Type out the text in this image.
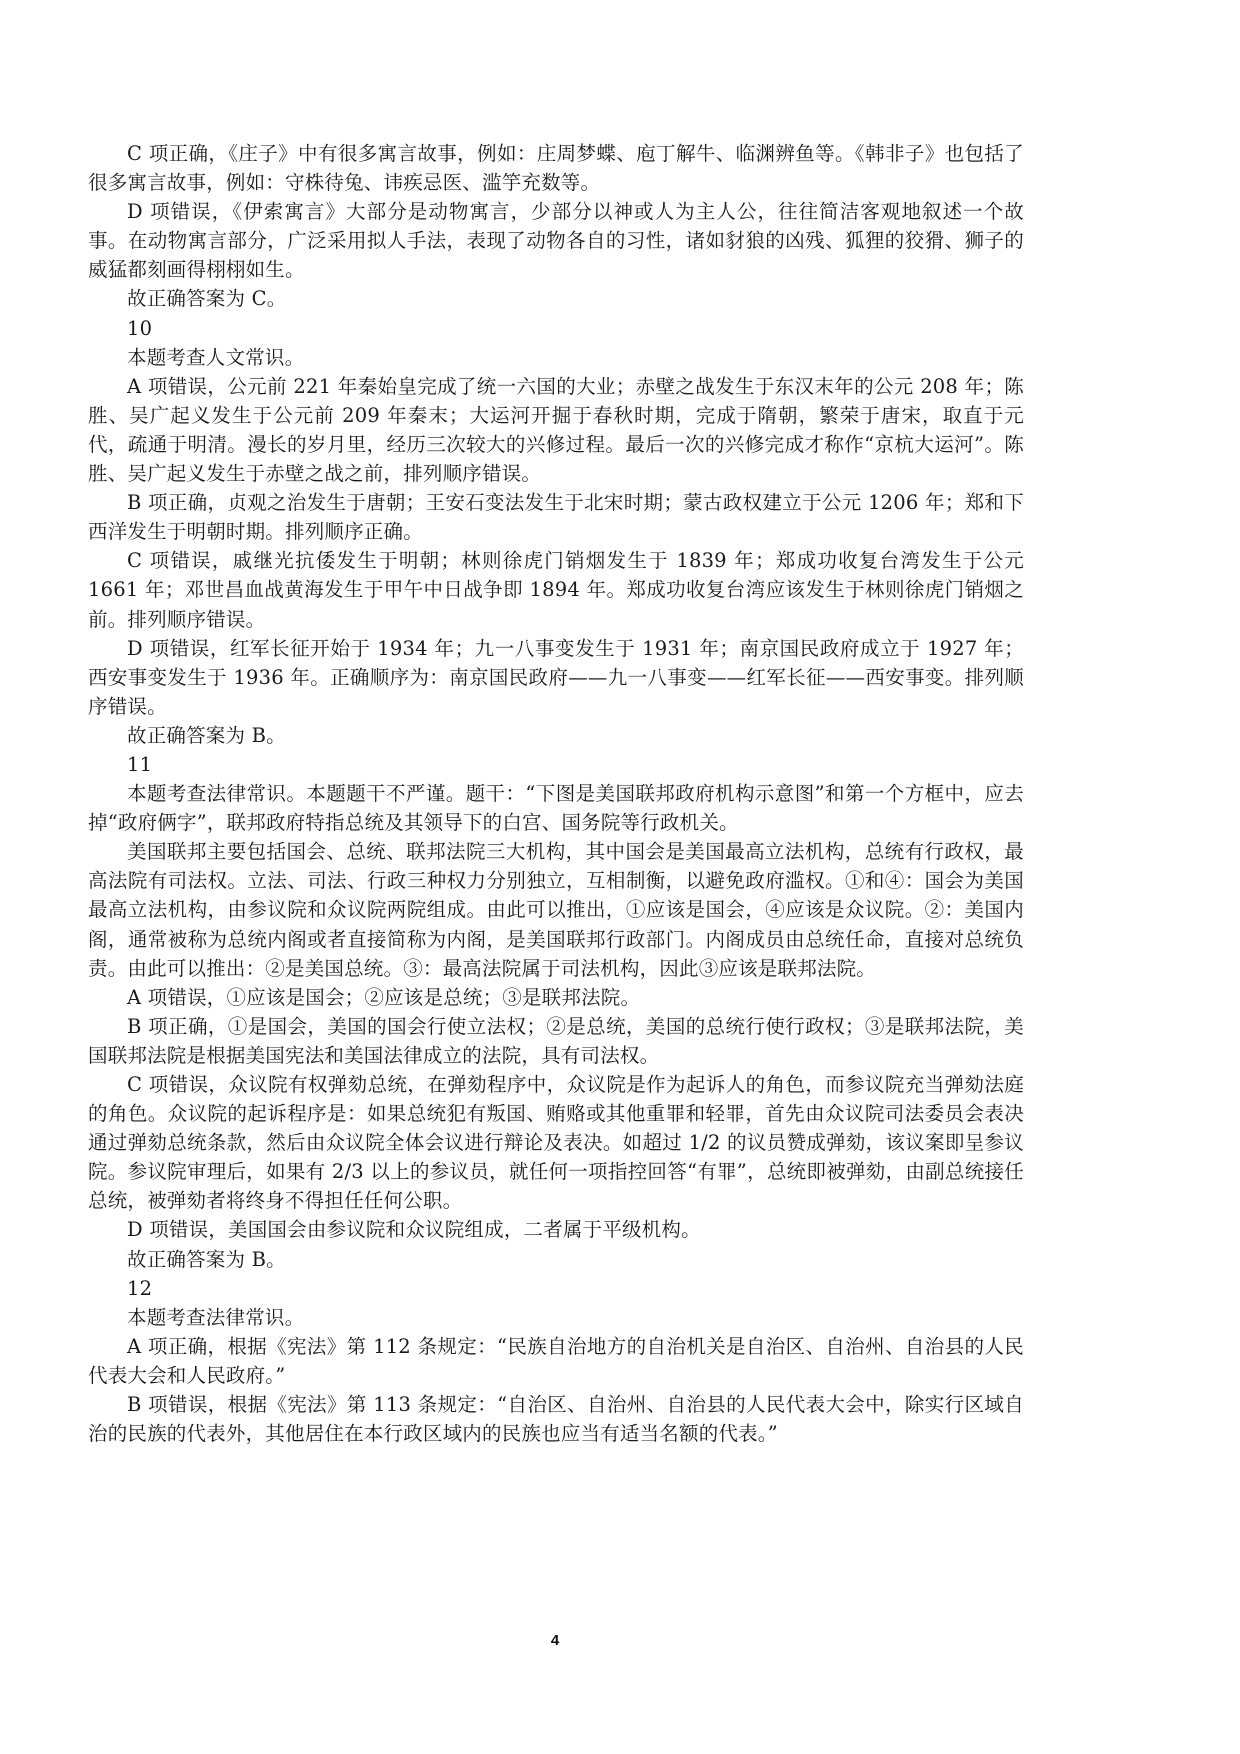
C 项正确，《庄子》中有很多寓言故事，例如：庄周梦蝶、庖丁解牛、临渊辨鱼等。《韩非子》也包括了很多寓言故事，例如：守株待兔、讳疾忌医、滥竽充数等。

D 项错误，《伊索寓言》大部分是动物寓言，少部分以神或人为主人公，往往简洁客观地叙述一个故事。在动物寓言部分，广泛采用拟人手法，表现了动物各自的习性，诸如豺狼的凶残、狐狸的狡猾、狮子的威猛都刻画得栩栩如生。

故正确答案为 C。

10

本题考查人文常识。

A 项错误，公元前 221 年秦始皇完成了统一六国的大业；赤壁之战发生于东汉末年的公元 208 年；陈胜、吴广起义发生于公元前 209 年秦末；大运河开掘于春秋时期，完成于隋朝，繁荣于唐宋，取直于元代，疏通于明清。漫长的岁月里，经历三次较大的兴修过程。最后一次的兴修完成才称作“京杭大运河”。陈胜、吴广起义发生于赤壁之战之前，排列顺序错误。

B 项正确，贞观之治发生于唐朝；王安石变法发生于北宋时期；蒙古政权建立于公元 1206 年；郑和下西洋发生于明朝时期。排列顺序正确。

C 项错误，戚继光抗倭发生于明朝；林则徐虎门销烟发生于 1839 年；郑成功收复台湾发生于公元 1661 年；邓世昌血战黄海发生于甲午中日战争即 1894 年。郑成功收复台湾应该发生于林则徐虎门销烟之前。排列顺序错误。

D 项错误，红军长征开始于 1934 年；九一八事变发生于 1931 年；南京国民政府成立于 1927 年；西安事变发生于 1936 年。正确顺序为：南京国民政府——九一八事变——红军长征——西安事变。排列顺序错误。

故正确答案为 B。

11

本题考查法律常识。本题题干不严谨。题干：“下图是美国联邦政府机构示意图”和第一个方框中，应去掉“政府俩字”，联邦政府特指总统及其领导下的白宫、国务院等行政机关。

美国联邦主要包括国会、总统、联邦法院三大机构，其中国会是美国最高立法机构，总统有行政权，最高法院有司法权。立法、司法、行政三种权力分别独立，互相制衡，以避免政府滥权。①和④：国会为美国最高立法机构，由参议院和众议院两院组成。由此可以推出，①应该是国会，④应该是众议院。②：美国内阁，通常被称为总统内阁或者直接简称为内阁，是美国联邦行政部门。内阁成员由总统任命，直接对总统负责。由此可以推出：②是美国总统。③：最高法院属于司法机构，因此③应该是联邦法院。

A 项错误，①应该是国会；②应该是总统；③是联邦法院。

B 项正确，①是国会，美国的国会行使立法权；②是总统，美国的总统行使行政权；③是联邦法院，美国联邦法院是根据美国宪法和美国法律成立的法院，具有司法权。

C 项错误，众议院有权弹劾总统，在弹劾程序中，众议院是作为起诉人的角色，而参议院充当弹劾法庭的角色。众议院的起诉程序是：如果总统犯有叛国、贿赂或其他重罪和轻罪，首先由众议院司法委员会表决通过弹劾总统条款，然后由众议院全体会议进行辩论及表决。如超过 1/2 的议员赞成弹劾，该议案即呈参议院。参议院审理后，如果有 2/3 以上的参议员，就任何一项指控回答“有罪”，总统即被弹劾，由副总统接任总统，被弹劾者将终身不得担任任何公职。

D 项错误，美国国会由参议院和众议院组成，二者属于平级机构。

故正确答案为 B。

12

本题考查法律常识。

A 项正确，根据《宪法》第 112 条规定：“民族自治地方的自治机关是自治区、自治州、自治县的人民代表大会和人民政府。”

B 项错误，根据《宪法》第 113 条规定：“自治区、自治州、自治县的人民代表大会中，除实行区域自治的民族的代表外，其他居住在本行政区域内的民族也应当有适当名额的代表。”

4
